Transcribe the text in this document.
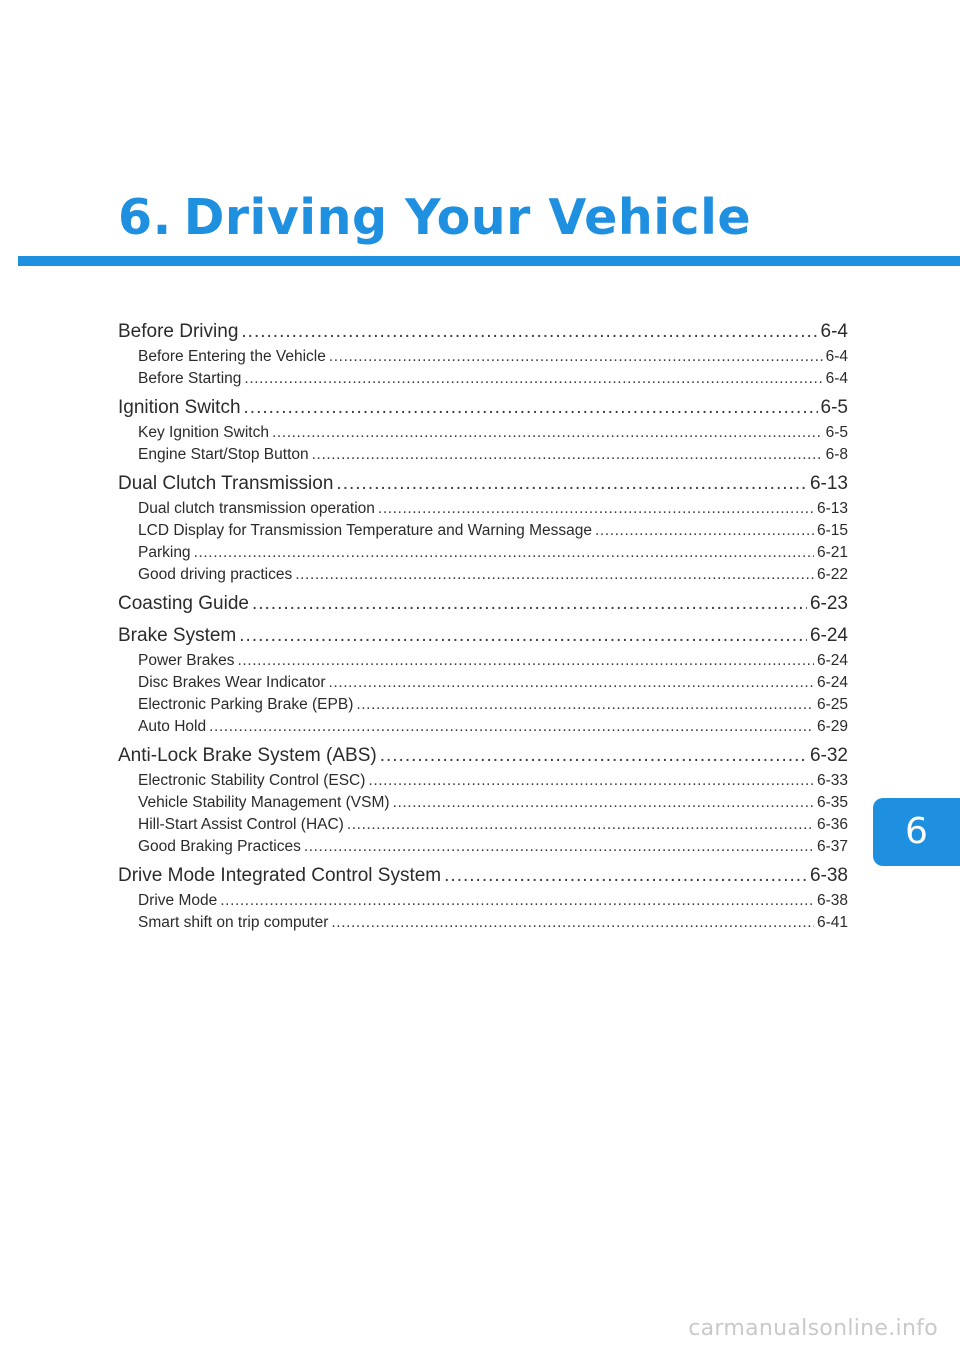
6. Driving Your Vehicle
Before Driving .....	6-4
Before Entering the Vehicle .....	6-4
Before Starting .....	6-4
Ignition Switch .....	6-5
Key Ignition Switch .....	6-5
Engine Start/Stop Button .....	6-8
Dual Clutch Transmission .....	6-13
Dual clutch transmission operation .....	6-13
LCD Display for Transmission Temperature and Warning Message .....	6-15
Parking .....	6-21
Good driving practices .....	6-22
Coasting Guide .....	6-23
Brake System .....	6-24
Power Brakes .....	6-24
Disc Brakes Wear Indicator .....	6-24
Electronic Parking Brake (EPB) .....	6-25
Auto Hold .....	6-29
Anti-Lock Brake System (ABS) .....	6-32
Electronic Stability Control (ESC) .....	6-33
Vehicle Stability Management (VSM) .....	6-35
Hill-Start Assist Control (HAC) .....	6-36
Good Braking Practices .....	6-37
Drive Mode Integrated Control System .....	6-38
Drive Mode .....	6-38
Smart shift on trip computer .....	6-41
6
carmanualsonline.info
